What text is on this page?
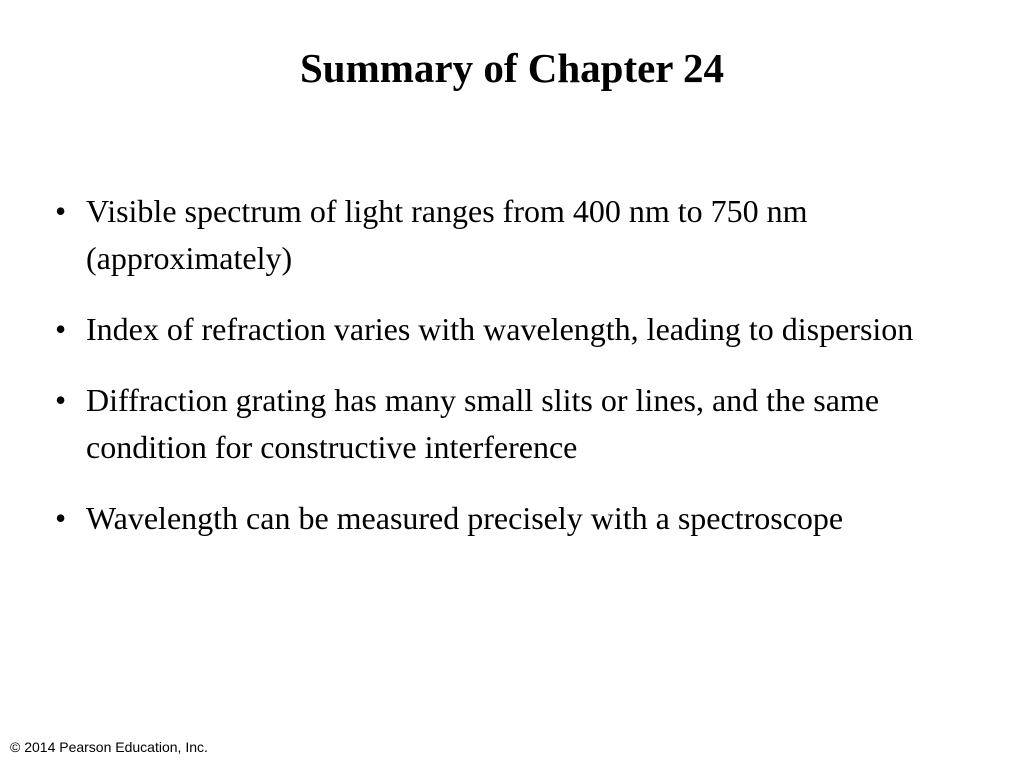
Summary of Chapter 24
• Visible spectrum of light ranges from 400 nm to 750 nm (approximately)
• Index of refraction varies with wavelength, leading to dispersion
• Diffraction grating has many small slits or lines, and the same condition for constructive interference
• Wavelength can be measured precisely with a spectroscope
© 2014 Pearson Education, Inc.
